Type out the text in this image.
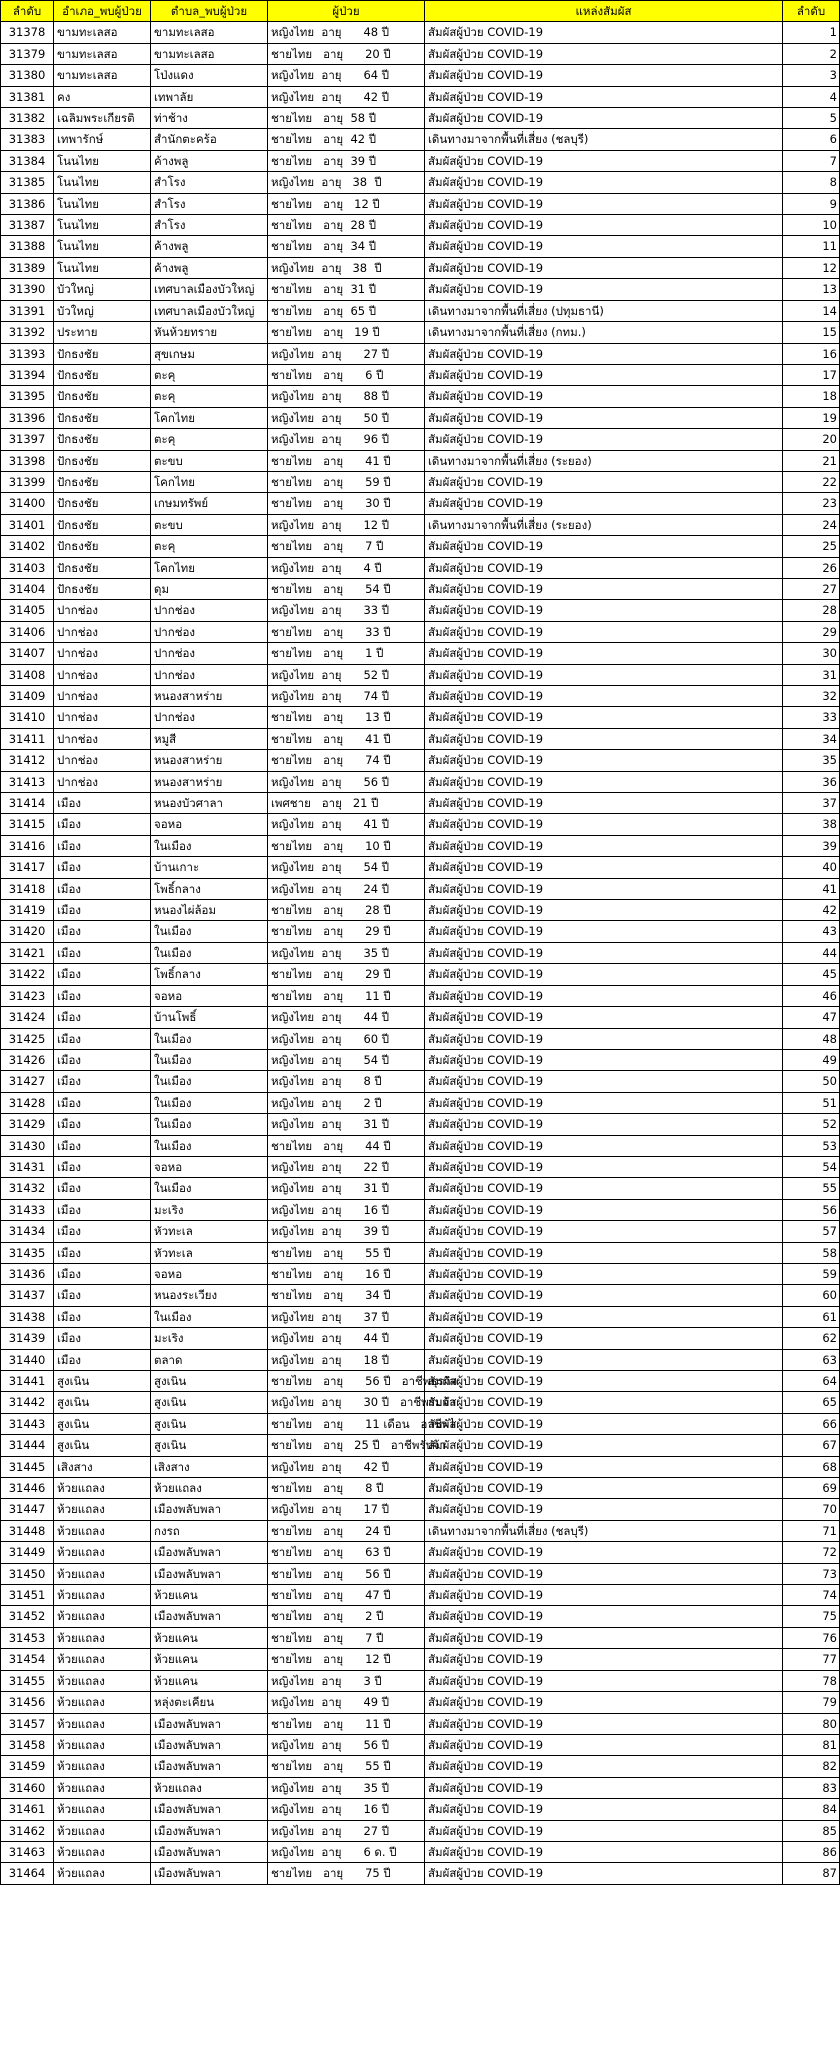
ลำดับ	อำเภอ_พบผู้ป่วย	ตำบล_พบผู้ป่วย	ผู้ป่วย	แหล่งสัมผัส	ลำดับ
31378	ขามทะเลสอ	ขามทะเลสอ	หญิงไทย  อายุ      48 ปี	สัมผัสผู้ป่วย COVID-19	1
31379	ขามทะเลสอ	ขามทะเลสอ	ชายไทย   อายุ      20 ปี	สัมผัสผู้ป่วย COVID-19	2
31380	ขามทะเลสอ	โป่งแดง	หญิงไทย  อายุ      64 ปี	สัมผัสผู้ป่วย COVID-19	3
31381	คง	เทพาลัย	หญิงไทย  อายุ      42 ปี	สัมผัสผู้ป่วย COVID-19	4
31382	เฉลิมพระเกียรติ	ท่าช้าง	ชายไทย   อายุ  58 ปี	สัมผัสผู้ป่วย COVID-19	5
31383	เทพารักษ์	สำนักตะคร้อ	ชายไทย   อายุ  42 ปี	เดินทางมาจากพื้นที่เสี่ยง (ชลบุรี)	6
31384	โนนไทย	ค้างพลู	ชายไทย   อายุ  39 ปี	สัมผัสผู้ป่วย COVID-19	7
31385	โนนไทย	สำโรง	หญิงไทย  อายุ   38  ปี	สัมผัสผู้ป่วย COVID-19	8
31386	โนนไทย	สำโรง	ชายไทย   อายุ   12 ปี	สัมผัสผู้ป่วย COVID-19	9
31387	โนนไทย	สำโรง	ชายไทย   อายุ  28 ปี	สัมผัสผู้ป่วย COVID-19	10
31388	โนนไทย	ค้างพลู	ชายไทย   อายุ  34 ปี	สัมผัสผู้ป่วย COVID-19	11
31389	โนนไทย	ค้างพลู	หญิงไทย  อายุ   38  ปี	สัมผัสผู้ป่วย COVID-19	12
31390	บัวใหญ่	เทศบาลเมืองบัวใหญ่	ชายไทย   อายุ  31 ปี	สัมผัสผู้ป่วย COVID-19	13
31391	บัวใหญ่	เทศบาลเมืองบัวใหญ่	ชายไทย   อายุ  65 ปี	เดินทางมาจากพื้นที่เสี่ยง (ปทุมธานี)	14
31392	ประทาย	หันห้วยทราย	ชายไทย   อายุ   19 ปี	เดินทางมาจากพื้นที่เสี่ยง (กทม.)	15
31393	ปักธงชัย	สุขเกษม	หญิงไทย  อายุ      27 ปี	สัมผัสผู้ป่วย COVID-19	16
31394	ปักธงชัย	ตะคุ	ชายไทย   อายุ      6 ปี	สัมผัสผู้ป่วย COVID-19	17
31395	ปักธงชัย	ตะคุ	หญิงไทย  อายุ      88 ปี	สัมผัสผู้ป่วย COVID-19	18
31396	ปักธงชัย	โคกไทย	หญิงไทย  อายุ      50 ปี	สัมผัสผู้ป่วย COVID-19	19
31397	ปักธงชัย	ตะคุ	หญิงไทย  อายุ      96 ปี	สัมผัสผู้ป่วย COVID-19	20
31398	ปักธงชัย	ตะขบ	ชายไทย   อายุ      41 ปี	เดินทางมาจากพื้นที่เสี่ยง (ระยอง)	21
31399	ปักธงชัย	โคกไทย	ชายไทย   อายุ      59 ปี	สัมผัสผู้ป่วย COVID-19	22
31400	ปักธงชัย	เกษมทรัพย์	ชายไทย   อายุ      30 ปี	สัมผัสผู้ป่วย COVID-19	23
31401	ปักธงชัย	ตะขบ	หญิงไทย  อายุ      12 ปี	เดินทางมาจากพื้นที่เสี่ยง (ระยอง)	24
31402	ปักธงชัย	ตะคุ	ชายไทย   อายุ      7 ปี	สัมผัสผู้ป่วย COVID-19	25
31403	ปักธงชัย	โคกไทย	หญิงไทย  อายุ      4 ปี	สัมผัสผู้ป่วย COVID-19	26
31404	ปักธงชัย	ดุม	ชายไทย   อายุ      54 ปี	สัมผัสผู้ป่วย COVID-19	27
31405	ปากช่อง	ปากช่อง	หญิงไทย  อายุ      33 ปี	สัมผัสผู้ป่วย COVID-19	28
31406	ปากช่อง	ปากช่อง	ชายไทย   อายุ      33 ปี	สัมผัสผู้ป่วย COVID-19	29
31407	ปากช่อง	ปากช่อง	ชายไทย   อายุ      1 ปี	สัมผัสผู้ป่วย COVID-19	30
31408	ปากช่อง	ปากช่อง	หญิงไทย  อายุ      52 ปี	สัมผัสผู้ป่วย COVID-19	31
31409	ปากช่อง	หนองสาหร่าย	หญิงไทย  อายุ      74 ปี	สัมผัสผู้ป่วย COVID-19	32
31410	ปากช่อง	ปากช่อง	ชายไทย   อายุ      13 ปี	สัมผัสผู้ป่วย COVID-19	33
31411	ปากช่อง	หมูสี	ชายไทย   อายุ      41 ปี	สัมผัสผู้ป่วย COVID-19	34
31412	ปากช่อง	หนองสาหร่าย	ชายไทย   อายุ      74 ปี	สัมผัสผู้ป่วย COVID-19	35
31413	ปากช่อง	หนองสาหร่าย	หญิงไทย  อายุ      56 ปี	สัมผัสผู้ป่วย COVID-19	36
31414	เมือง	หนองบัวศาลา	เพศชาย   อายุ   21 ปี	สัมผัสผู้ป่วย COVID-19	37
31415	เมือง	จอหอ	หญิงไทย  อายุ      41 ปี	สัมผัสผู้ป่วย COVID-19	38
31416	เมือง	ในเมือง	ชายไทย   อายุ      10 ปี	สัมผัสผู้ป่วย COVID-19	39
31417	เมือง	บ้านเกาะ	หญิงไทย  อายุ      54 ปี	สัมผัสผู้ป่วย COVID-19	40
31418	เมือง	โพธิ์กลาง	หญิงไทย  อายุ      24 ปี	สัมผัสผู้ป่วย COVID-19	41
31419	เมือง	หนองไผ่ล้อม	ชายไทย   อายุ      28 ปี	สัมผัสผู้ป่วย COVID-19	42
31420	เมือง	ในเมือง	ชายไทย   อายุ      29 ปี	สัมผัสผู้ป่วย COVID-19	43
31421	เมือง	ในเมือง	หญิงไทย  อายุ      35 ปี	สัมผัสผู้ป่วย COVID-19	44
31422	เมือง	โพธิ์กลาง	ชายไทย   อายุ      29 ปี	สัมผัสผู้ป่วย COVID-19	45
31423	เมือง	จอหอ	ชายไทย   อายุ      11 ปี	สัมผัสผู้ป่วย COVID-19	46
31424	เมือง	บ้านโพธิ์	หญิงไทย  อายุ      44 ปี	สัมผัสผู้ป่วย COVID-19	47
31425	เมือง	ในเมือง	หญิงไทย  อายุ      60 ปี	สัมผัสผู้ป่วย COVID-19	48
31426	เมือง	ในเมือง	หญิงไทย  อายุ      54 ปี	สัมผัสผู้ป่วย COVID-19	49
31427	เมือง	ในเมือง	หญิงไทย  อายุ      8 ปี	สัมผัสผู้ป่วย COVID-19	50
31428	เมือง	ในเมือง	หญิงไทย  อายุ      2 ปี	สัมผัสผู้ป่วย COVID-19	51
31429	เมือง	ในเมือง	หญิงไทย  อายุ      31 ปี	สัมผัสผู้ป่วย COVID-19	52
31430	เมือง	ในเมือง	ชายไทย   อายุ      44 ปี	สัมผัสผู้ป่วย COVID-19	53
31431	เมือง	จอหอ	หญิงไทย  อายุ      22 ปี	สัมผัสผู้ป่วย COVID-19	54
31432	เมือง	ในเมือง	หญิงไทย  อายุ      31 ปี	สัมผัสผู้ป่วย COVID-19	55
31433	เมือง	มะเริง	หญิงไทย  อายุ      16 ปี	สัมผัสผู้ป่วย COVID-19	56
31434	เมือง	หัวทะเล	หญิงไทย  อายุ      39 ปี	สัมผัสผู้ป่วย COVID-19	57
31435	เมือง	หัวทะเล	ชายไทย   อายุ      55 ปี	สัมผัสผู้ป่วย COVID-19	58
31436	เมือง	จอหอ	ชายไทย   อายุ      16 ปี	สัมผัสผู้ป่วย COVID-19	59
31437	เมือง	หนองระเวียง	ชายไทย   อายุ      34 ปี	สัมผัสผู้ป่วย COVID-19	60
31438	เมือง	ในเมือง	หญิงไทย  อายุ      37 ปี	สัมผัสผู้ป่วย COVID-19	61
31439	เมือง	มะเริง	หญิงไทย  อายุ      44 ปี	สัมผัสผู้ป่วย COVID-19	62
31440	เมือง	ตลาด	หญิงไทย  อายุ      18 ปี	สัมผัสผู้ป่วย COVID-19	63
31441	สูงเนิน	สูงเนิน	ชายไทย   อายุ      56 ปี   อาชีพธุรกิจ	สัมผัสผู้ป่วย COVID-19	64
31442	สูงเนิน	สูงเนิน	หญิงไทย  อายุ      30 ปี   อาชีพรับจ้า	สัมผัสผู้ป่วย COVID-19	65
31443	สูงเนิน	สูงเนิน	ชายไทย   อายุ      11 เดือน   อาชีพไ	สัมผัสผู้ป่วย COVID-19	66
31444	สูงเนิน	สูงเนิน	ชายไทย   อายุ   25 ปี   อาชีพรับจ้า	สัมผัสผู้ป่วย COVID-19	67
31445	เสิงสาง	เสิงสาง	หญิงไทย  อายุ      42 ปี	สัมผัสผู้ป่วย COVID-19	68
31446	ห้วยแถลง	ห้วยแถลง	ชายไทย   อายุ      8 ปี	สัมผัสผู้ป่วย COVID-19	69
31447	ห้วยแถลง	เมืองพลับพลา	หญิงไทย  อายุ      17 ปี	สัมผัสผู้ป่วย COVID-19	70
31448	ห้วยแถลง	กงรถ	ชายไทย   อายุ      24 ปี	เดินทางมาจากพื้นที่เสี่ยง (ชลบุรี)	71
31449	ห้วยแถลง	เมืองพลับพลา	ชายไทย   อายุ      63 ปี	สัมผัสผู้ป่วย COVID-19	72
31450	ห้วยแถลง	เมืองพลับพลา	ชายไทย   อายุ      56 ปี	สัมผัสผู้ป่วย COVID-19	73
31451	ห้วยแถลง	ห้วยแคน	ชายไทย   อายุ      47 ปี	สัมผัสผู้ป่วย COVID-19	74
31452	ห้วยแถลง	เมืองพลับพลา	ชายไทย   อายุ      2 ปี	สัมผัสผู้ป่วย COVID-19	75
31453	ห้วยแถลง	ห้วยแคน	ชายไทย   อายุ      7 ปี	สัมผัสผู้ป่วย COVID-19	76
31454	ห้วยแถลง	ห้วยแคน	ชายไทย   อายุ      12 ปี	สัมผัสผู้ป่วย COVID-19	77
31455	ห้วยแถลง	ห้วยแคน	หญิงไทย  อายุ      3 ปี	สัมผัสผู้ป่วย COVID-19	78
31456	ห้วยแถลง	หลุ่งตะเคียน	หญิงไทย  อายุ      49 ปี	สัมผัสผู้ป่วย COVID-19	79
31457	ห้วยแถลง	เมืองพลับพลา	ชายไทย   อายุ      11 ปี	สัมผัสผู้ป่วย COVID-19	80
31458	ห้วยแถลง	เมืองพลับพลา	หญิงไทย  อายุ      56 ปี	สัมผัสผู้ป่วย COVID-19	81
31459	ห้วยแถลง	เมืองพลับพลา	ชายไทย   อายุ      55 ปี	สัมผัสผู้ป่วย COVID-19	82
31460	ห้วยแถลง	ห้วยแถลง	หญิงไทย  อายุ      35 ปี	สัมผัสผู้ป่วย COVID-19	83
31461	ห้วยแถลง	เมืองพลับพลา	หญิงไทย  อายุ      16 ปี	สัมผัสผู้ป่วย COVID-19	84
31462	ห้วยแถลง	เมืองพลับพลา	หญิงไทย  อายุ      27 ปี	สัมผัสผู้ป่วย COVID-19	85
31463	ห้วยแถลง	เมืองพลับพลา	หญิงไทย  อายุ      6 ด. ปี	สัมผัสผู้ป่วย COVID-19	86
31464	ห้วยแถลง	เมืองพลับพลา	ชายไทย   อายุ      75 ปี	สัมผัสผู้ป่วย COVID-19	87
